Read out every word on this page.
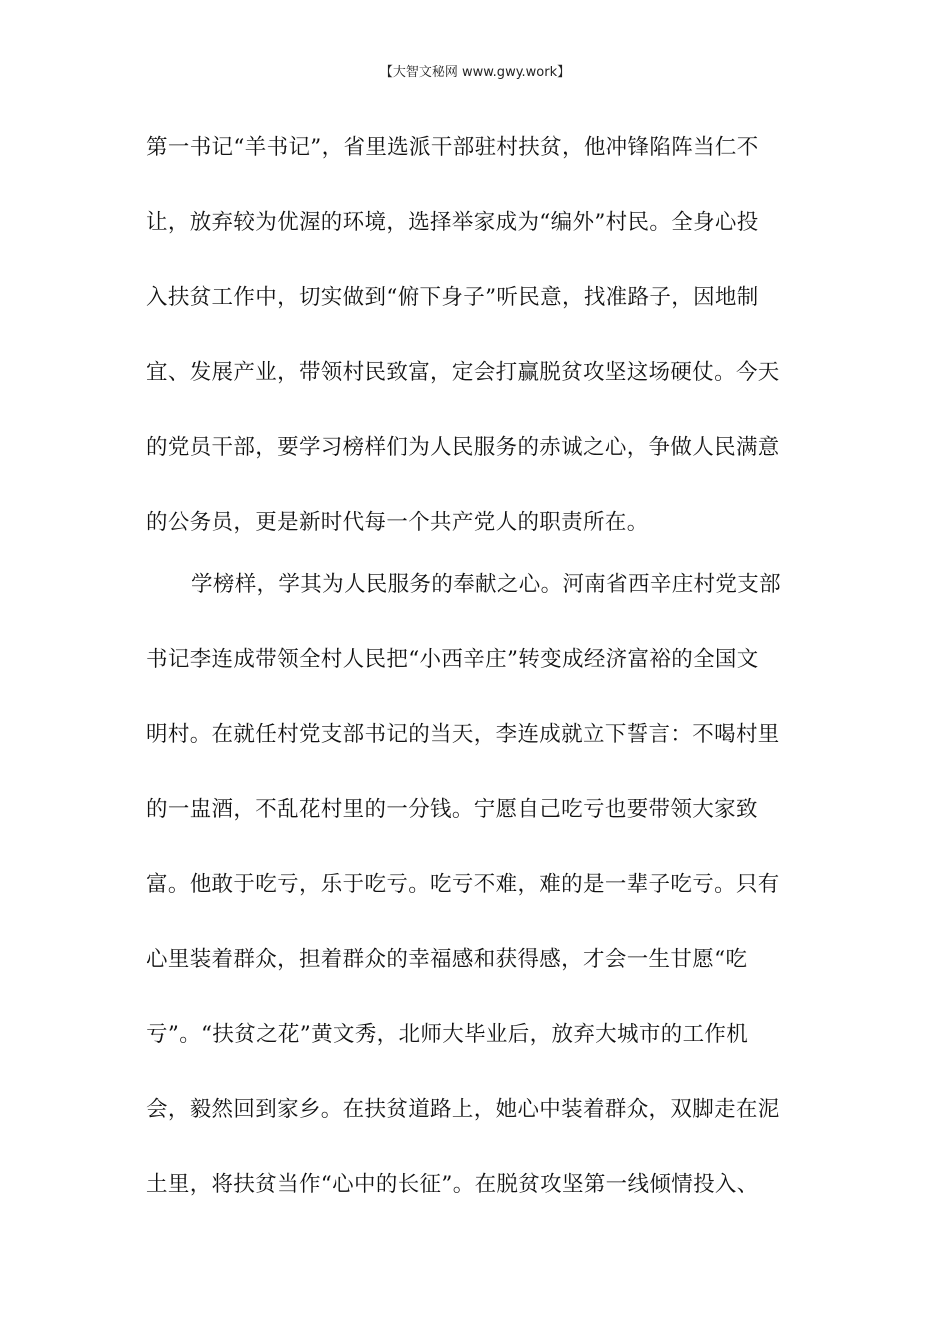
【大智文秘网 www.gwy.work】
第一书记“羊书记”，省里选派干部驻村扶贫，他冲锋陷阵当仁不
让，放弃较为优渥的环境，选择举家成为“编外”村民。全身心投
入扶贫工作中，切实做到“俯下身子”听民意，找准路子，因地制
宜、发展产业，带领村民致富，定会打赢脱贫攻坚这场硬仗。今天
的党员干部，要学习榜样们为人民服务的赤诚之心，争做人民满意
的公务员，更是新时代每一个共产党人的职责所在。
学榜样，学其为人民服务的奉献之心。河南省西辛庄村党支部
书记李连成带领全村人民把“小西辛庄”转变成经济富裕的全国文
明村。在就任村党支部书记的当天，李连成就立下誓言：不喝村里
的一盅酒，不乱花村里的一分钱。宁愿自己吃亏也要带领大家致
富。他敢于吃亏，乐于吃亏。吃亏不难，难的是一辈子吃亏。只有
心里装着群众，担着群众的幸福感和获得感，才会一生甘愿“吃
亏”。“扶贫之花”黄文秀，北师大毕业后，放弃大城市的工作机
会，毅然回到家乡。在扶贫道路上，她心中装着群众，双脚走在泥
土里，将扶贫当作“心中的长征”。在脱贫攻坚第一线倾情投入、
